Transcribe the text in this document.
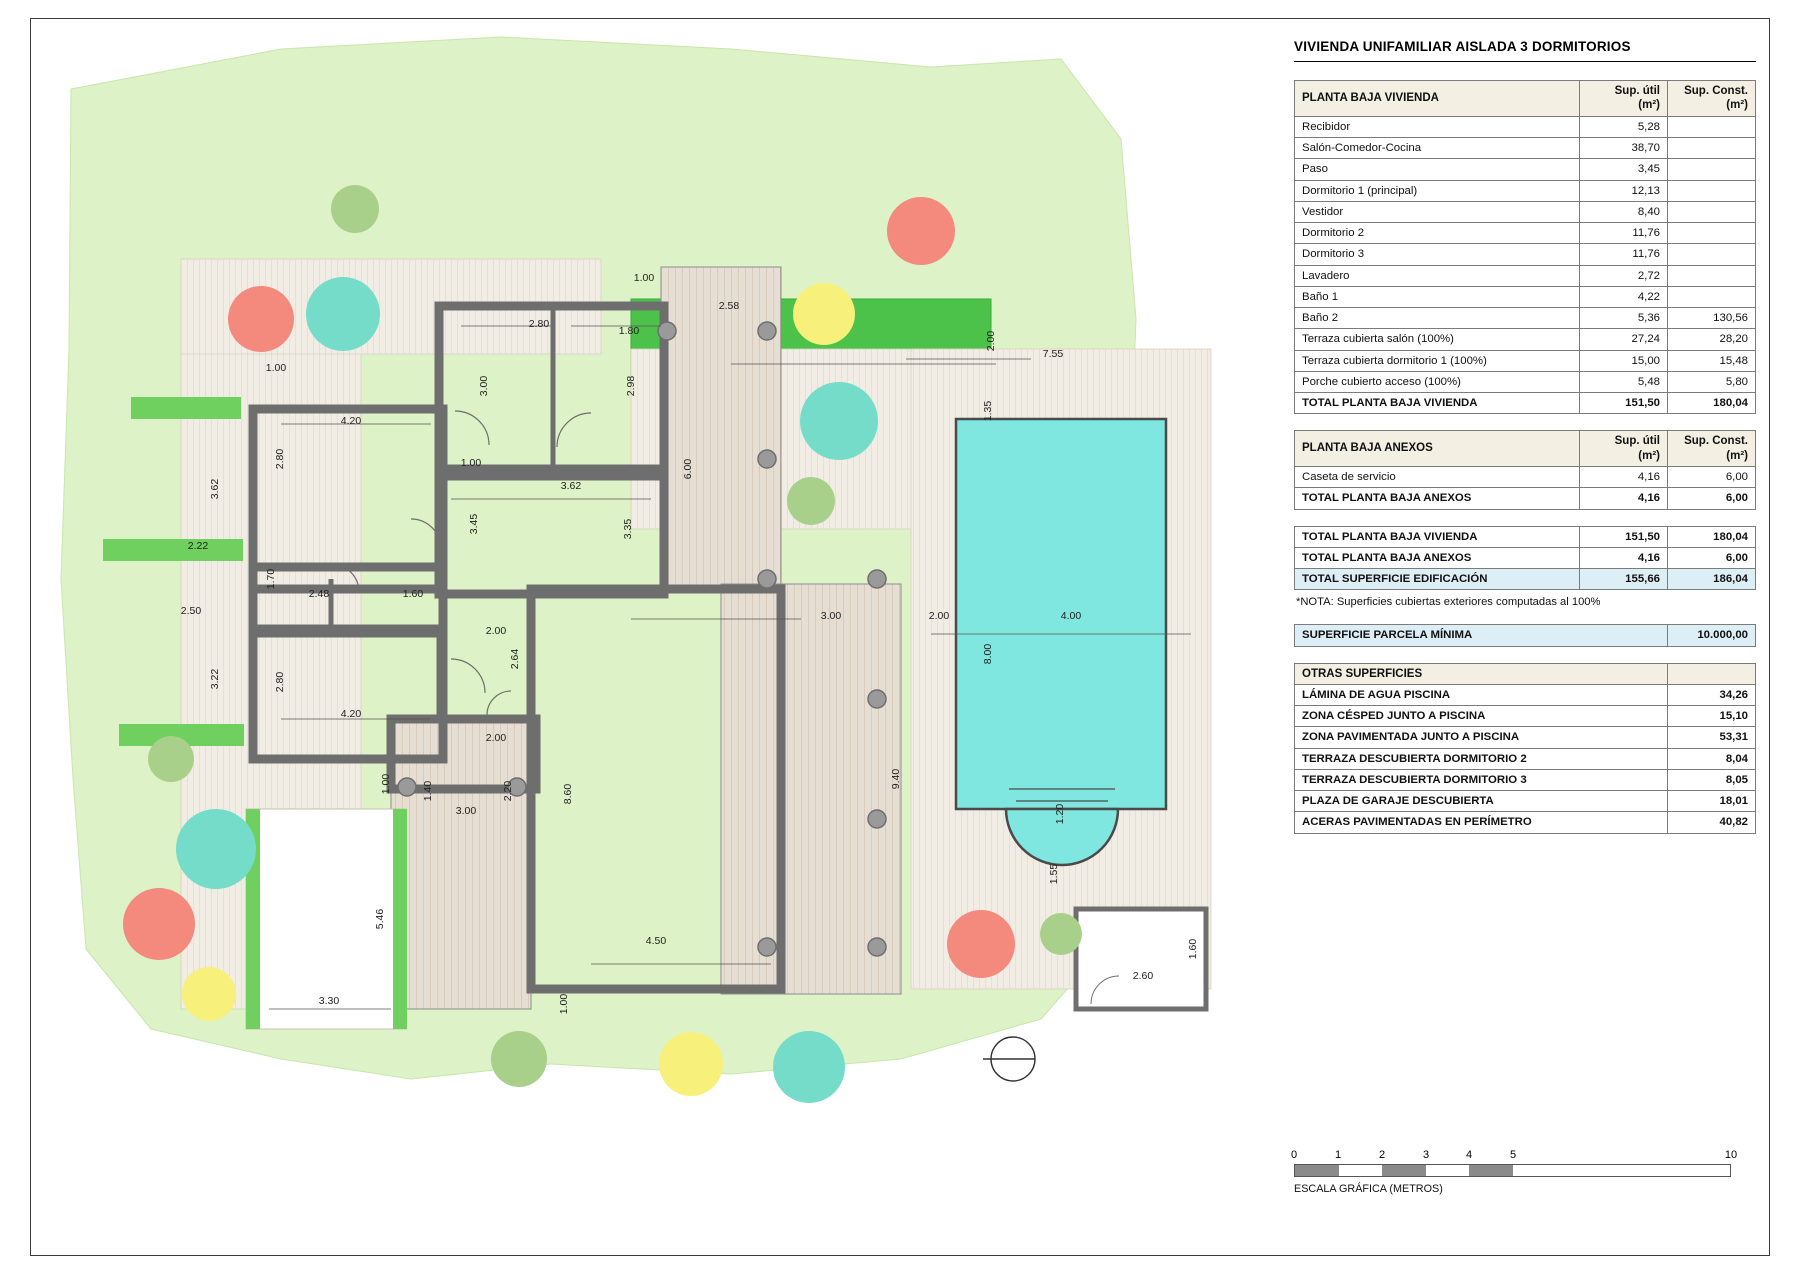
1.00
2.58
2.80
1.80
3.00	2.98
1.00
4.20
2.80
3.62
6.00
1.00
3.62
3.45	3.35
2.22
1.70
2.48	1.60
2.50
2.00
2.64
3.22	2.80
4.20
2.00
1.00	1.40	2.20
3.00
8.60
3.00	2.00
9.40
4.00
8.00
1.35
2.00
7.55
1.20
1.55
5.46
4.50
3.30	1.00
2.60
1.60
VIVIENDA UNIFAMILIAR AISLADA 3 DORMITORIOS
PLANTA BAJA VIVIENDA	Sup. útil
(m²)	Sup. Const.
(m²)
Recibidor	5,28	
Salón-Comedor-Cocina	38,70	
Paso	3,45	
Dormitorio 1 (principal)	12,13	
Vestidor	8,40	
Dormitorio 2	11,76	
Dormitorio 3	11,76	
Lavadero	2,72	
Baño 1	4,22	
Baño 2	5,36	130,56
Terraza cubierta salón (100%)	27,24	28,20
Terraza cubierta dormitorio 1 (100%)	15,00	15,48
Porche cubierto acceso (100%)	5,48	5,80
TOTAL PLANTA BAJA VIVIENDA	151,50	180,04
PLANTA BAJA ANEXOS	Sup. útil
(m²)	Sup. Const.
(m²)
Caseta de servicio	4,16	6,00
TOTAL PLANTA BAJA ANEXOS	4,16	6,00
TOTAL PLANTA BAJA VIVIENDA	151,50	180,04
TOTAL PLANTA BAJA ANEXOS	4,16	6,00
TOTAL SUPERFICIE EDIFICACIÓN	155,66	186,04
*NOTA: Superficies cubiertas exteriores computadas al 100%
SUPERFICIE PARCELA MÍNIMA	10.000,00
OTRAS SUPERFICIES	
LÁMINA DE AGUA PISCINA	34,26
ZONA CÉSPED JUNTO A PISCINA	15,10
ZONA PAVIMENTADA JUNTO A PISCINA	53,31
TERRAZA DESCUBIERTA DORMITORIO 2	8,04
TERRAZA DESCUBIERTA DORMITORIO 3	8,05
PLAZA DE GARAJE DESCUBIERTA	18,01
ACERAS PAVIMENTADAS EN PERÍMETRO	40,82
0	1	2	3	4	5	10
ESCALA GRÁFICA (METROS)
